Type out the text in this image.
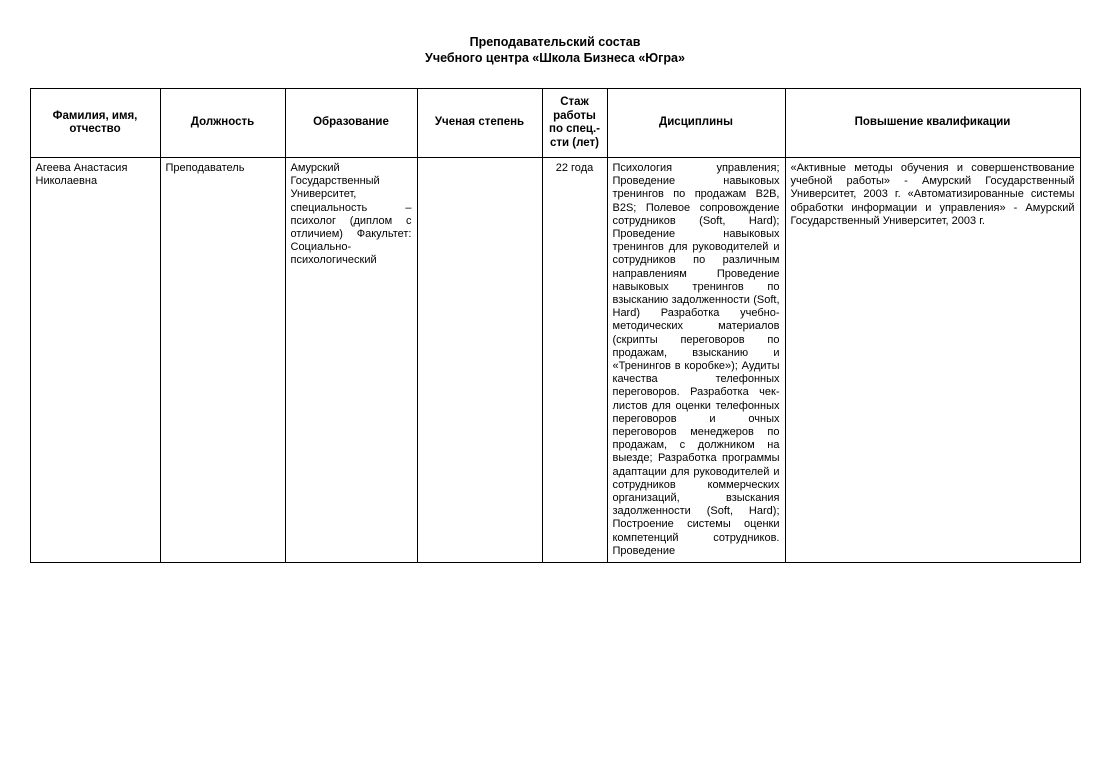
Преподавательский состав
Учебного центра «Школа Бизнеса «Югра»
Фамилия, имя, отчество	Должность	Образование	Ученая степень	Стаж работы по спец.-сти (лет)	Дисциплины	Повышение квалификации
Агеева Анастасия Николаевна	Преподаватель	Амурский Государственный Университет, специальность – психолог (диплом с отличием) Факультет: Социально-психологический		22 года	Психология управления; Проведение навыковых тренингов по продажам B2B, B2S; Полевое сопровождение сотрудников (Soft, Hard); Проведение навыковых тренингов для руководителей и сотрудников по различным направлениям Проведение навыковых тренингов по взысканию задолженности (Soft, Hard) Разработка учебно-методических материалов (скрипты переговоров по продажам, взысканию и «Тренингов в коробке»); Аудиты качества телефонных переговоров. Разработка чек-листов для оценки телефонных переговоров и очных переговоров менеджеров по продажам, с должником на выезде; Разработка программы адаптации для руководителей и сотрудников коммерческих организаций, взыскания задолженности (Soft, Hard); Построение системы оценки компетенций сотрудников. Проведение	«Активные методы обучения и совершенствование учебной работы» - Амурский Государственный Университет, 2003 г. «Автоматизированные системы обработки информации и управления» - Амурский Государственный Университет, 2003 г.
